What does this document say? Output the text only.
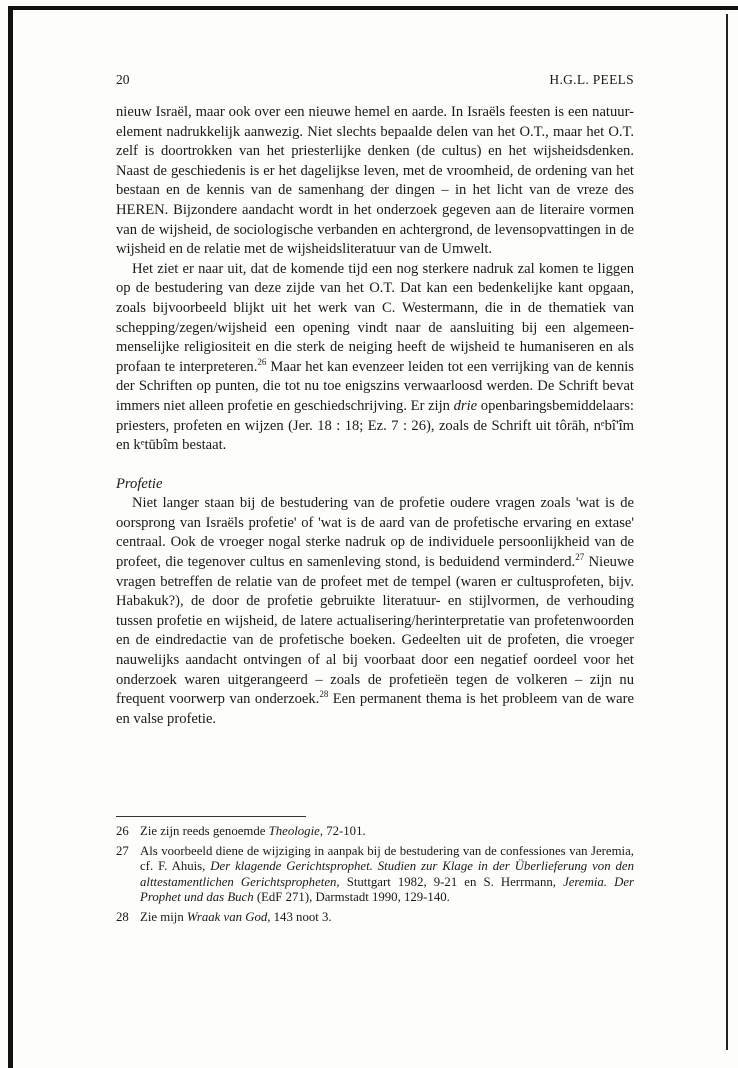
20	H.G.L. PEELS

nieuw Israël, maar ook over een nieuwe hemel en aarde. In Israëls feesten is een natuur-element nadrukkelijk aanwezig. Niet slechts bepaalde delen van het O.T., maar het O.T. zelf is doortrokken van het priesterlijke denken (de cultus) en het wijsheidsdenken. Naast de geschiedenis is er het dagelijkse leven, met de vroomheid, de ordening van het bestaan en de kennis van de samenhang der dingen – in het licht van de vreze des HEREN. Bijzondere aandacht wordt in het onderzoek gegeven aan de literaire vormen van de wijsheid, de sociologische verbanden en achtergrond, de levensopvattingen in de wijsheid en de relatie met de wijsheidsliteratuur van de Umwelt.

Het ziet er naar uit, dat de komende tijd een nog sterkere nadruk zal komen te liggen op de bestudering van deze zijde van het O.T. Dat kan een bedenkelijke kant opgaan, zoals bijvoorbeeld blijkt uit het werk van C. Westermann, die in de thematiek van schepping/zegen/wijsheid een opening vindt naar de aansluiting bij een algemeen-menselijke religiositeit en die sterk de neiging heeft de wijsheid te humaniseren en als profaan te interpreteren.$^{26}$ Maar het kan evenzeer leiden tot een verrijking van de kennis der Schriften op punten, die tot nu toe enigszins verwaarloosd werden. De Schrift bevat immers niet alleen profetie en geschiedschrijving. Er zijn drie openbaringsbemiddelaars: priesters, profeten en wijzen (Jer. 18 : 18; Ez. 7 : 26), zoals de Schrift uit tôrāh, nᵉbî'îm en kᵉtūbîm bestaat.

Profetie

Niet langer staan bij de bestudering van de profetie oudere vragen zoals 'wat is de oorsprong van Israëls profetie' of 'wat is de aard van de profetische ervaring en extase' centraal. Ook de vroeger nogal sterke nadruk op de individuele persoonlijkheid van de profeet, die tegenover cultus en samenleving stond, is beduidend verminderd.$^{27}$ Nieuwe vragen betreffen de relatie van de profeet met de tempel (waren er cultusprofeten, bijv. Habakuk?), de door de profetie gebruikte literatuur- en stijlvormen, de verhouding tussen profetie en wijsheid, de latere actualisering/herinterpretatie van profetenwoorden en de eindredactie van de profetische boeken. Gedeelten uit de profeten, die vroeger nauwelijks aandacht ontvingen of al bij voorbaat door een negatief oordeel voor het onderzoek waren uitgerangeerd – zoals de profetieën tegen de volkeren – zijn nu frequent voorwerp van onderzoek.$^{28}$ Een permanent thema is het probleem van de ware en valse profetie.

26 Zie zijn reeds genoemde Theologie, 72-101.
27 Als voorbeeld diene de wijziging in aanpak bij de bestudering van de confessiones van Jeremia, cf. F. Ahuis, Der klagende Gerichtsprophet. Studien zur Klage in der Überlieferung von den alttestamentlichen Gerichtspropheten, Stuttgart 1982, 9-21 en S. Herrmann, Jeremia. Der Prophet und das Buch (EdF 271), Darmstadt 1990, 129-140.
28 Zie mijn Wraak van God, 143 noot 3.
